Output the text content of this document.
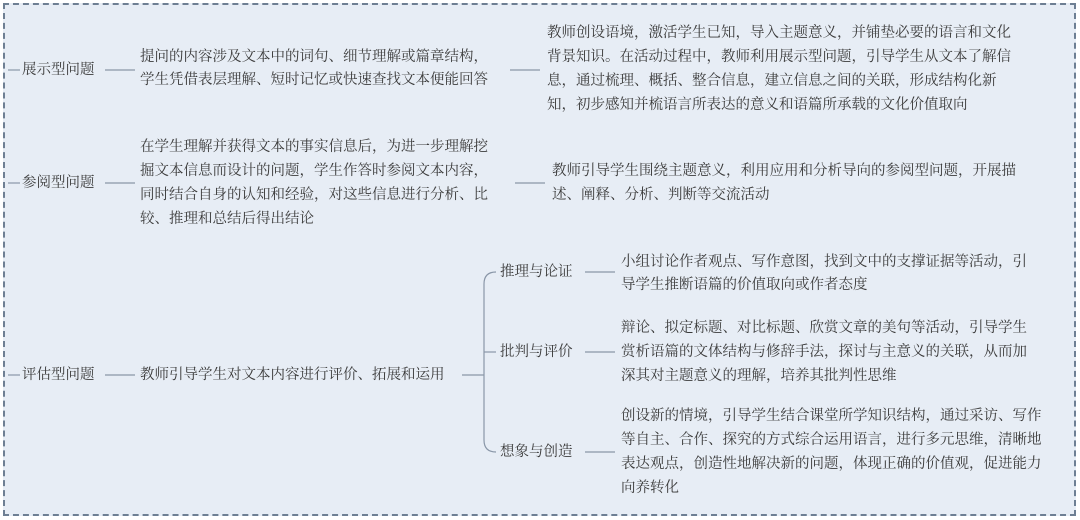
展示型问题
提问的内容涉及文本中的词句、细节理解或篇章结构，
学生凭借表层理解、短时记忆或快速查找文本便能回答
教师创设语境，激活学生已知，导入主题意义，并铺垫必要的语言和文化
背景知识。在活动过程中，教师利用展示型问题，引导学生从文本了解信
息，通过梳理、概括、整合信息，建立信息之间的关联，形成结构化新
知，初步感知并梳语言所表达的意义和语篇所承载的文化价值取向
参阅型问题
在学生理解并获得文本的事实信息后，为进一步理解挖
掘文本信息而设计的问题，学生作答时参阅文本内容，
同时结合自身的认知和经验，对这些信息进行分析、比
较、推理和总结后得出结论
教师引导学生围绕主题意义，利用应用和分析导向的参阅型问题，开展描
述、阐释、分析、判断等交流活动
评估型问题	教师引导学生对文本内容进行评价、拓展和运用
推理与论证
小组讨论作者观点、写作意图，找到文中的支撑证据等活动，引
导学生推断语篇的价值取向或作者态度
批判与评价
辩论、拟定标题、对比标题、欣赏文章的美句等活动，引导学生
赏析语篇的文体结构与修辞手法，探讨与主意义的关联，从而加
深其对主题意义的理解，培养其批判性思维
想象与创造
创设新的情境，引导学生结合课堂所学知识结构，通过采访、写作
等自主、合作、探究的方式综合运用语言，进行多元思维，清晰地
表达观点，创造性地解决新的问题，体现正确的价值观，促进能力
向养转化
